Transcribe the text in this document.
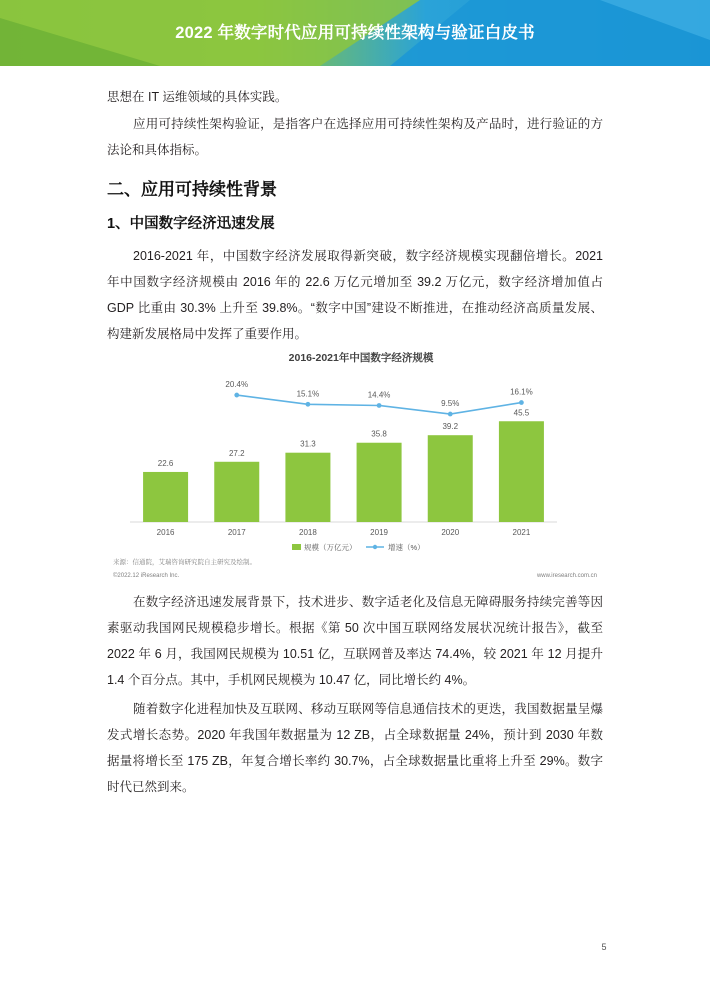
2022 年数字时代应用可持续性架构与验证白皮书
思想在 IT 运维领域的具体实践。
应用可持续性架构验证，是指客户在选择应用可持续性架构及产品时，进行验证的方
法论和具体指标。
二、应用可持续性背景
1、中国数字经济迅速发展
2016-2021 年，中国数字经济发展取得新突破，数字经济规模实现翻倍增长。2021
年中国数字经济规模由 2016 年的 22.6 万亿元增加至 39.2 万亿元，数字经济增加值占
GDP 比重由 30.3% 上升至 39.8%。“数字中国”建设不断推进，在推动经济高质量发展、
构建新发展格局中发挥了重要作用。
2016-2021年中国数字经济规模
22.6
27.2
31.3
35.8
39.2
45.5
2016	2017	2018	2019	2020	2021
20.4%
15.1%	14.4%
9.5%
16.1%
规模（万亿元）	增速（%）
来源：信通院，艾瑞咨询研究院自主研究及绘制。
©2022.12 iResearch Inc.	www.iresearch.com.cn
在数字经济迅速发展背景下，技术进步、数字适老化及信息无障碍服务持续完善等因
素驱动我国网民规模稳步增长。根据《第 50 次中国互联网络发展状况统计报告》，截至
2022 年 6 月，我国网民规模为 10.51 亿，互联网普及率达 74.4%，较 2021 年 12 月提升
1.4 个百分点。其中，手机网民规模为 10.47 亿，同比增长约 4%。
随着数字化进程加快及互联网、移动互联网等信息通信技术的更迭，我国数据量呈爆
发式增长态势。2020 年我国年数据量为 12 ZB，占全球数据量 24%，预计到 2030 年数
据量将增长至 175 ZB，年复合增长率约 30.7%，占全球数据量比重将上升至 29%。数字
时代已然到来。
5
